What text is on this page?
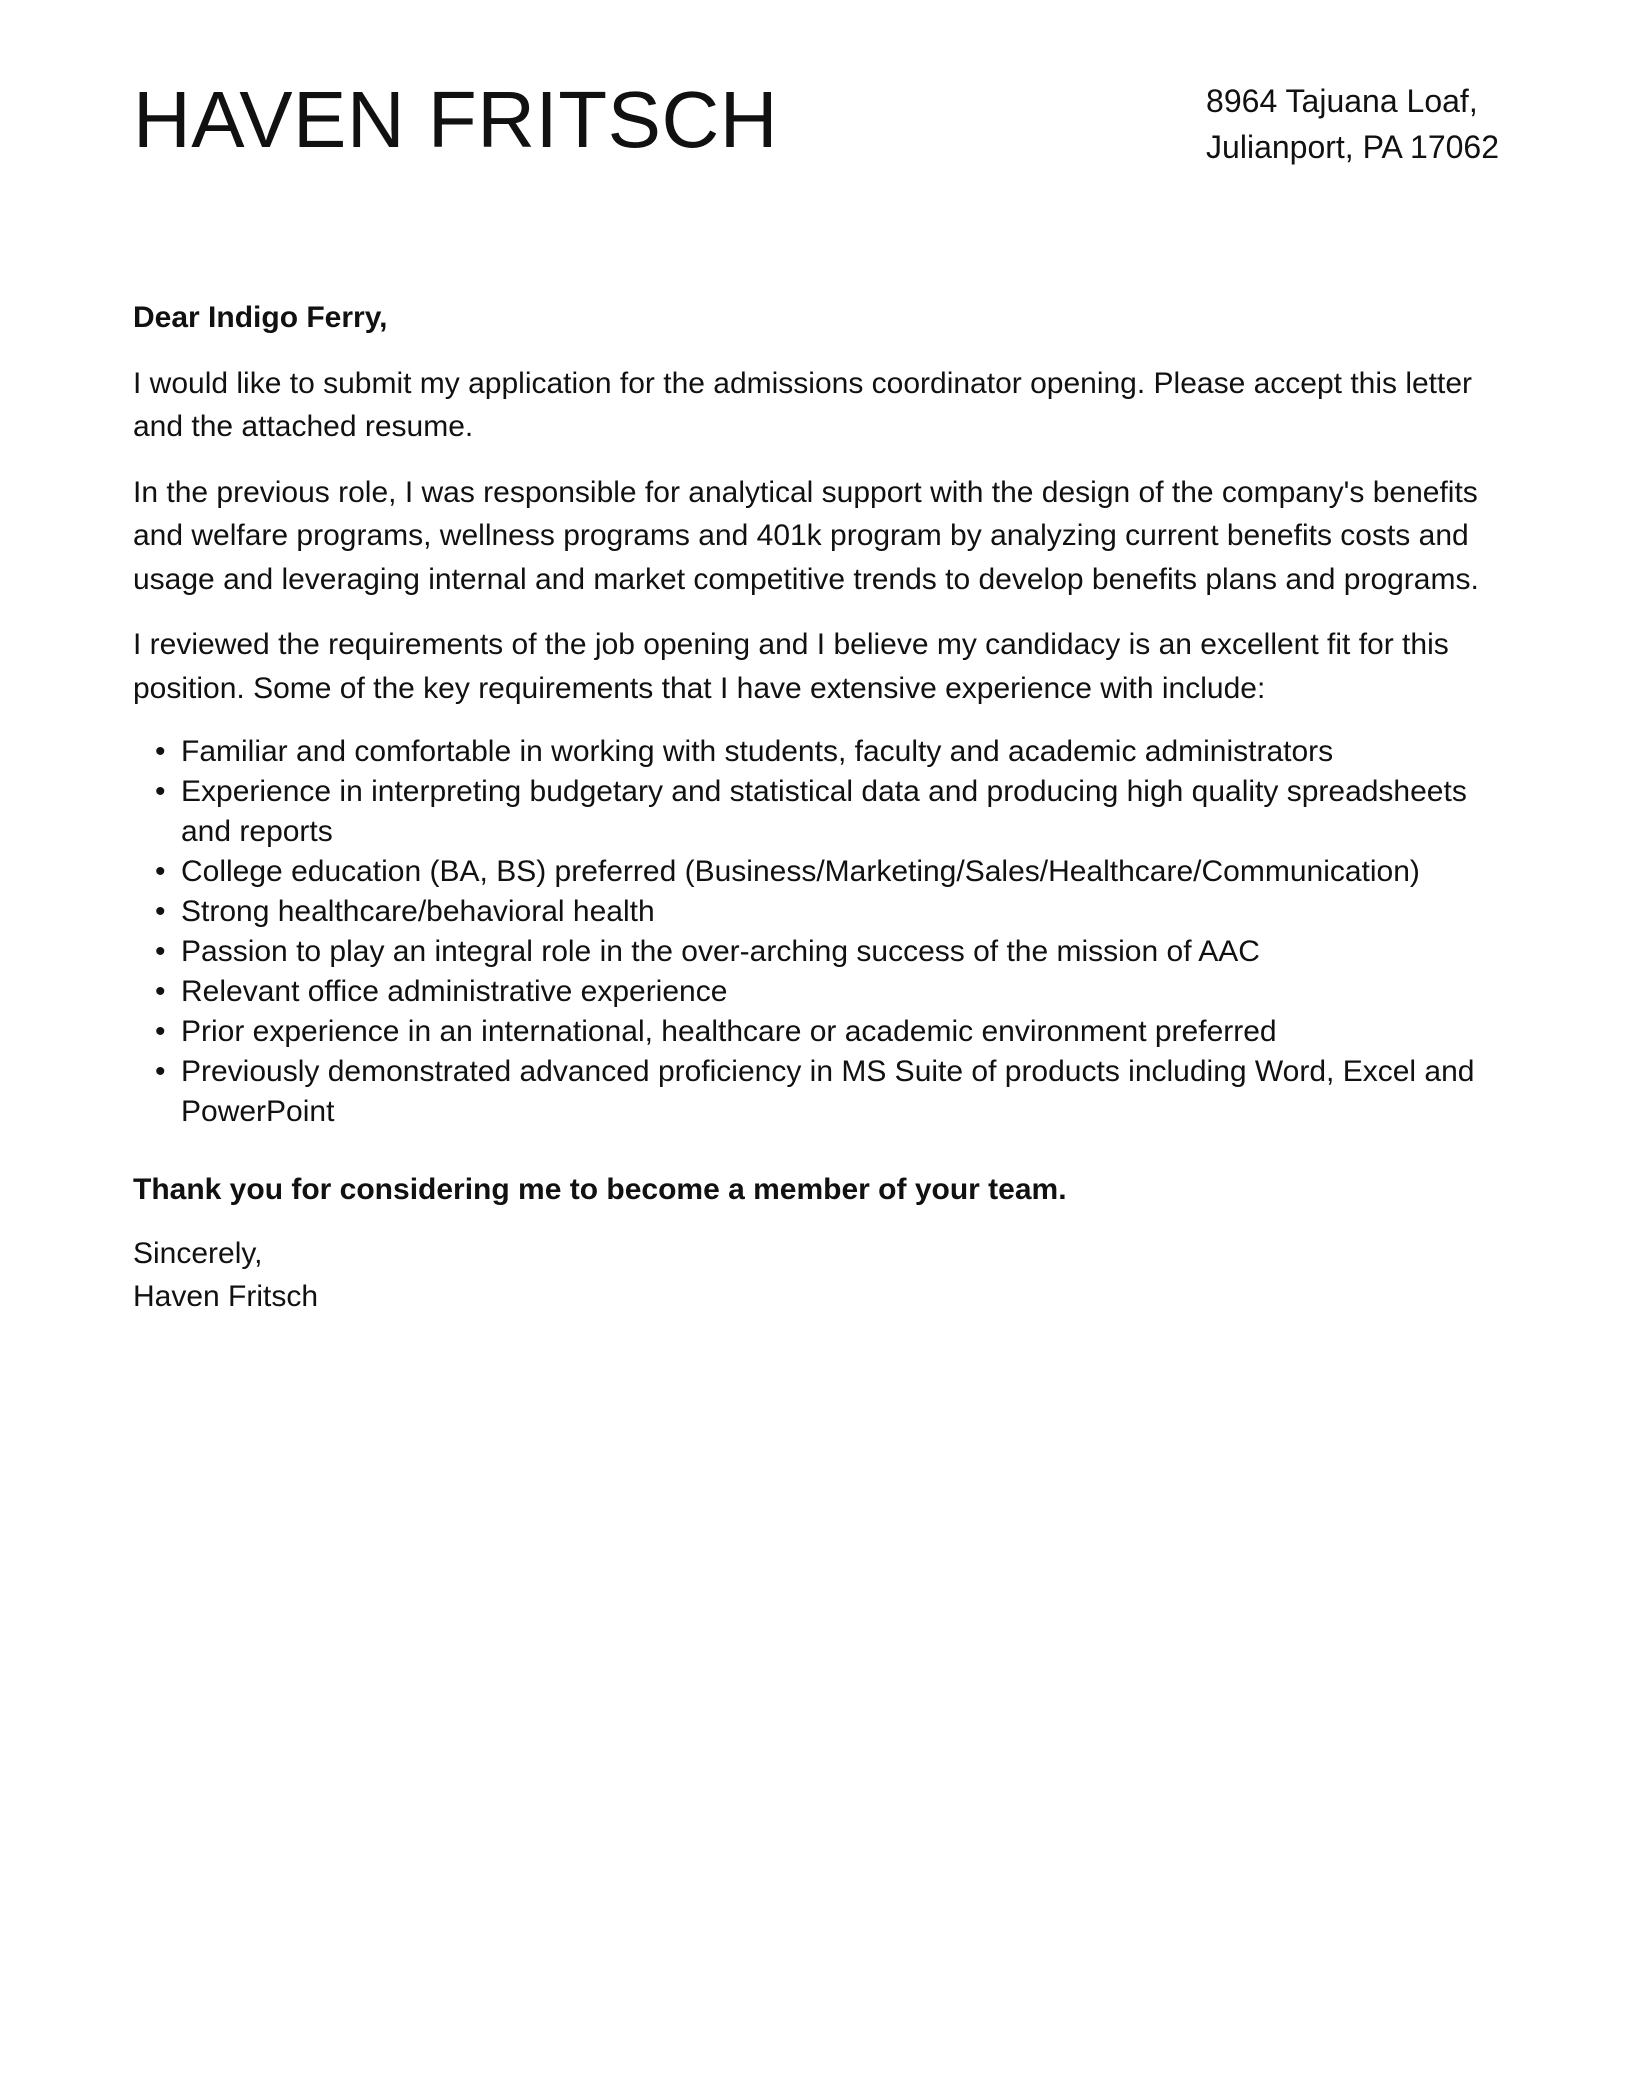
HAVEN FRITSCH	8964 Tajuana Loaf,
Julianport, PA 17062

Dear Indigo Ferry,

I would like to submit my application for the admissions coordinator opening. Please accept this letter and the attached resume.

In the previous role, I was responsible for analytical support with the design of the company's benefits and welfare programs, wellness programs and 401k program by analyzing current benefits costs and usage and leveraging internal and market competitive trends to develop benefits plans and programs.

I reviewed the requirements of the job opening and I believe my candidacy is an excellent fit for this position. Some of the key requirements that I have extensive experience with include:

• Familiar and comfortable in working with students, faculty and academic administrators
• Experience in interpreting budgetary and statistical data and producing high quality spreadsheets and reports
• College education (BA, BS) preferred (Business/Marketing/Sales/Healthcare/Communication)
• Strong healthcare/behavioral health
• Passion to play an integral role in the over-arching success of the mission of AAC
• Relevant office administrative experience
• Prior experience in an international, healthcare or academic environment preferred
• Previously demonstrated advanced proficiency in MS Suite of products including Word, Excel and PowerPoint

Thank you for considering me to become a member of your team.

Sincerely,
Haven Fritsch
